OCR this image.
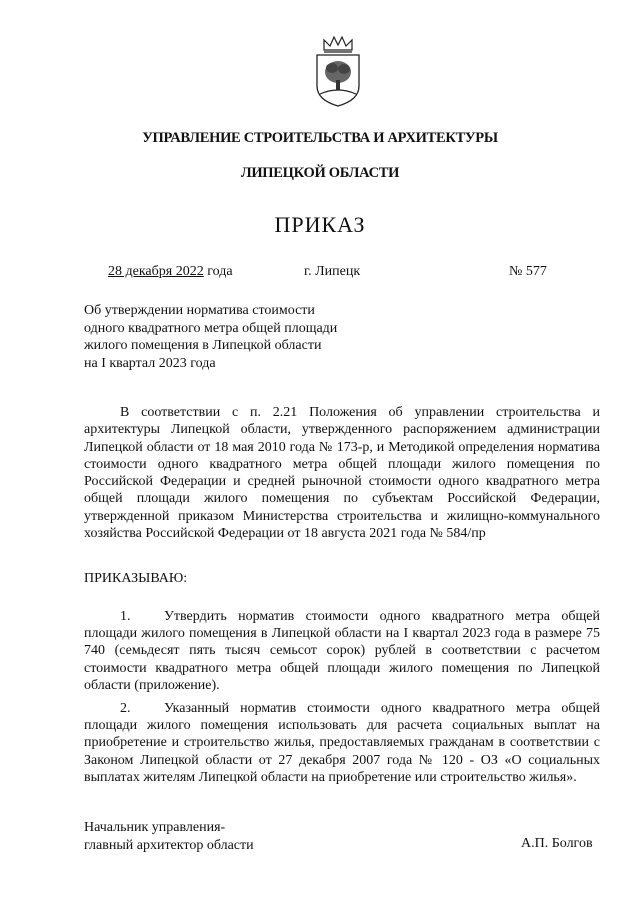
УПРАВЛЕНИЕ СТРОИТЕЛЬСТВА И АРХИТЕКТУРЫ
ЛИПЕЦКОЙ ОБЛАСТИ
ПРИКАЗ
28 декабря 2022 года	г. Липецк	№ 577
Об утверждении норматива стоимости
одного квадратного метра общей площади
жилого помещения в Липецкой области
на I квартал 2023 года
В соответствии с п. 2.21 Положения об управлении строительства и архитектуры Липецкой области, утвержденного распоряжением администрации Липецкой области от 18 мая 2010 года № 173-р, и Методикой определения норматива стоимости одного квадратного метра общей площади жилого помещения по Российской Федерации и средней рыночной стоимости одного квадратного метра общей площади жилого помещения по субъектам Российской Федерации, утвержденной приказом Министерства строительства и жилищно-коммунального хозяйства Российской Федерации от 18 августа 2021 года № 584/пр
ПРИКАЗЫВАЮ:
1. Утвердить норматив стоимости одного квадратного метра общей площади жилого помещения в Липецкой области на I квартал 2023 года в размере 75 740 (семьдесят пять тысяч семьсот сорок) рублей в соответствии с расчетом стоимости квадратного метра общей площади жилого помещения по Липецкой области (приложение).
2. Указанный норматив стоимости одного квадратного метра общей площади жилого помещения использовать для расчета социальных выплат на приобретение и строительство жилья, предоставляемых гражданам в соответствии с Законом Липецкой области от 27 декабря 2007 года № 120 - ОЗ «О социальных выплатах жителям Липецкой области на приобретение или строительство жилья».
Начальник управления-
главный архитектор области	А.П. Болгов
